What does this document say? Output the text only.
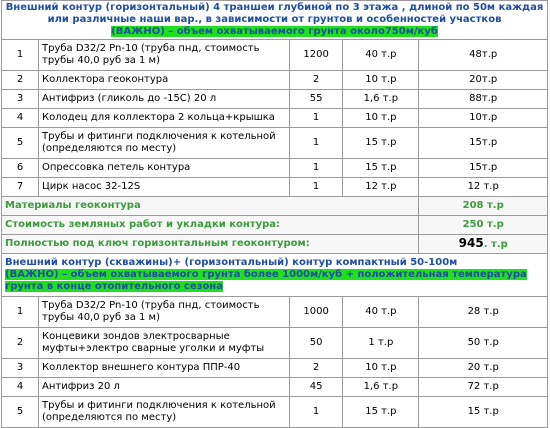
Внешний контур (горизонтальный) 4 траншеи глубиной по 3 этажа , длиной по 50м каждая или различные наши вар., в зависимости от грунтов и особенностей участков
(ВАЖНО) – объем охватываемого грунта около750м/куб				
1	Труба D32/2 Pn-10 (труба пнд, стоимость трубы 40,0 руб за 1 м)	1200	40 т.р	48т.р
2	Коллектора геоконтура	2	10 т.р	20т.р
3	Антифриз (гликоль до -15С) 20 л	55	1,6 т.р	88т.р
4	Колодец для коллектора 2 кольца+крышка	1	10 т.р	10т.р
5	Трубы и фитинги подключения к котельной (определяются по месту)	1	15 т.р	15т.р
6	Опрессовка петель контура	1	15 т.р	15т.р
7	Цирк насос 32-12S	1	12 т.р	12 т.р
Материалы геоконтура				208 т.р
Стоимость земляных работ и укладки контура:				250 т.р
Полностью под ключ горизонтальным геоконтуром:				945. т.р
Внешний контур (скважины)+ (горизонтальный) контур компактный 50-100м
(ВАЖНО) – объем охватываемого грунта более 1000м/куб + положительная температура грунта в конце отопительного сезона				
1	Труба D32/2 Pn-10 (труба пнд, стоимость трубы 40,0 руб за 1 м)	1000	40 т.р	28 т.р
2	Концевики зондов электросварные муфты+электро сварные уголки и муфты	50	1 т.р	50 т.р
3	Коллектор внешнего контура ППР-40	2	10 т.р	20 т.р
4	Антифриз 20 л	45	1,6 т.р	72 т.р
5	Трубы и фитинги подключения к котельной (определяются по месту)	1	15 т.р	15 т.р
